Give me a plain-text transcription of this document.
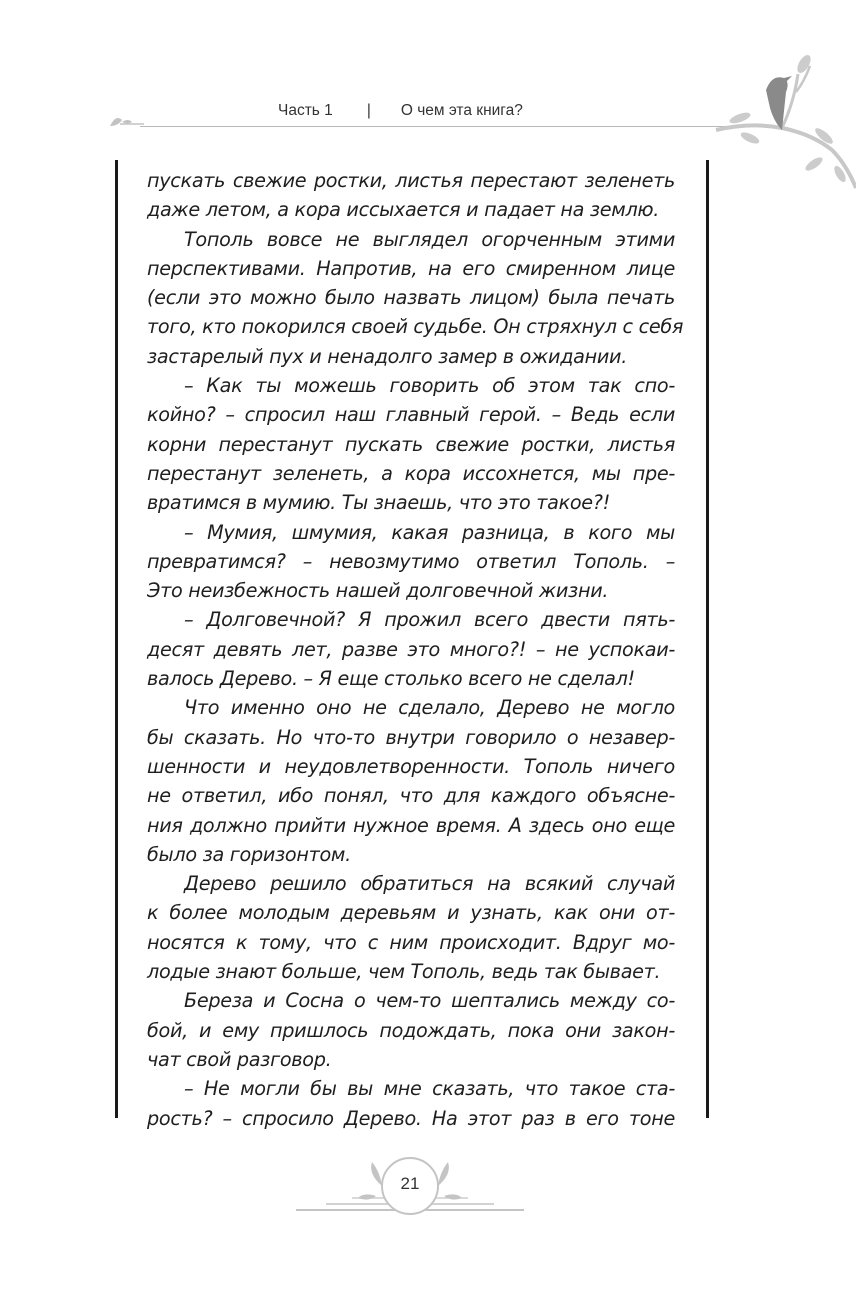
Часть 1 | О чем эта книга?
пускать свежие ростки, листья перестают зеленеть
даже летом, а кора иссыхается и падает на землю.
Тополь вовсе не выглядел огорченным этими
перспективами. Напротив, на его смиренном лице
(если это можно было назвать лицом) была печать
того, кто покорился своей судьбе. Он стряхнул с себя
застарелый пух и ненадолго замер в ожидании.
– Как ты можешь говорить об этом так спо-
койно? – спросил наш главный герой. – Ведь если
корни перестанут пускать свежие ростки, листья
перестанут зеленеть, а кора иссохнется, мы пре-
вратимся в мумию. Ты знаешь, что это такое?!
– Мумия, шмумия, какая разница, в кого мы
превратимся? – невозмутимо ответил Тополь. –
Это неизбежность нашей долговечной жизни.
– Долговечной? Я прожил всего двести пять-
десят девять лет, разве это много?! – не успокаи-
валось Дерево. – Я еще столько всего не сделал!
Что именно оно не сделало, Дерево не могло
бы сказать. Но что-то внутри говорило о незавер-
шенности и неудовлетворенности. Тополь ничего
не ответил, ибо понял, что для каждого объясне-
ния должно прийти нужное время. А здесь оно еще
было за горизонтом.
Дерево решило обратиться на всякий случай
к более молодым деревьям и узнать, как они от-
носятся к тому, что с ним происходит. Вдруг мо-
лодые знают больше, чем Тополь, ведь так бывает.
Береза и Сосна о чем-то шептались между со-
бой, и ему пришлось подождать, пока они закон-
чат свой разговор.
– Не могли бы вы мне сказать, что такое ста-
рость? – спросило Дерево. На этот раз в его тоне
21
